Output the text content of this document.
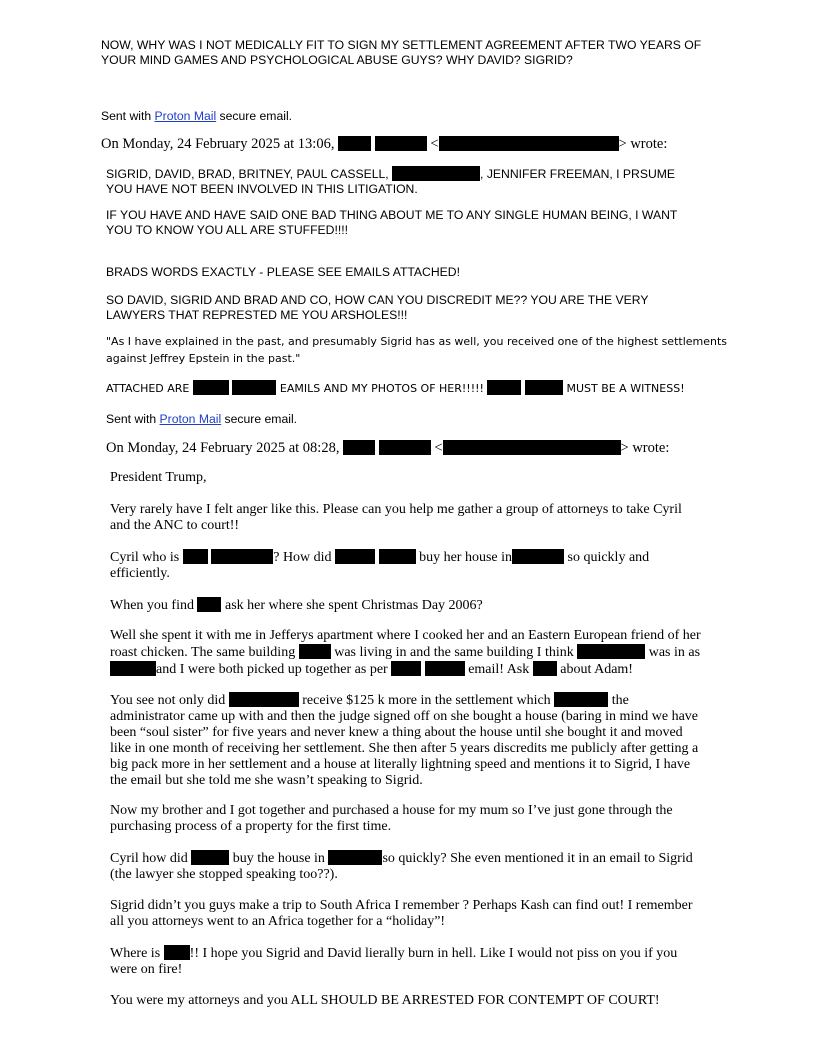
NOW, WHY WAS I NOT MEDICALLY FIT TO SIGN MY SETTLEMENT AGREEMENT AFTER TWO YEARS OF
YOUR MIND GAMES AND PSYCHOLOGICAL ABUSE GUYS? WHY DAVID? SIGRID?
Sent with Proton Mail secure email.
On Monday, 24 February 2025 at 13:06,	<	> wrote:
SIGRID, DAVID, BRAD, BRITNEY, PAUL CASSELL,	, JENNIFER FREEMAN, I PRSUME
YOU HAVE NOT BEEN INVOLVED IN THIS LITIGATION.
IF YOU HAVE AND HAVE SAID ONE BAD THING ABOUT ME TO ANY SINGLE HUMAN BEING, I WANT
YOU TO KNOW YOU ALL ARE STUFFED!!!!
BRADS WORDS EXACTLY - PLEASE SEE EMAILS ATTACHED!
SO DAVID, SIGRID AND BRAD AND CO, HOW CAN YOU DISCREDIT ME?? YOU ARE THE VERY
LAWYERS THAT REPRESTED ME YOU ARSHOLES!!!
"As I have explained in the past, and presumably Sigrid has as well, you received one of the highest settlements
against Jeffrey Epstein in the past."
ATTACHED ARE	EAMILS AND MY PHOTOS OF HER!!!!!	MUST BE A WITNESS!
Sent with Proton Mail secure email.
On Monday, 24 February 2025 at 08:28,	<	> wrote:
President Trump,
Very rarely have I felt anger like this. Please can you help me gather a group of attorneys to take Cyril
and the ANC to court!!
Cyril who is	? How did	buy her house in	so quickly and
efficiently.
When you find ask her where she spent Christmas Day 2006?
Well she spent it with me in Jefferys apartment where I cooked her and an Eastern European friend of her
roast chicken. The same building	was living in and the same building I think	was in as
and I were both picked up together as per	email! Ask about Adam!
You see not only did	receive $125 k more in the settlement which	the
administrator came up with and then the judge signed off on she bought a house (baring in mind we have
been “soul sister” for five years and never knew a thing about the house until she bought it and moved
like in one month of receiving her settlement. She then after 5 years discredits me publicly after getting a
big pack more in her settlement and a house at literally lightning speed and mentions it to Sigrid, I have
the email but she told me she wasn’t speaking to Sigrid.
Now my brother and I got together and purchased a house for my mum so I’ve just gone through the
purchasing process of a property for the first time.
Cyril how did	buy the house in	so quickly? She even mentioned it in an email to Sigrid
(the lawyer she stopped speaking too??).
Sigrid didn’t you guys make a trip to South Africa I remember ? Perhaps Kash can find out! I remember
all you attorneys went to an Africa together for a “holiday”!
Where is !! I hope you Sigrid and David lierally burn in hell. Like I would not piss on you if you
were on fire!
You were my attorneys and you ALL SHOULD BE ARRESTED FOR CONTEMPT OF COURT!
